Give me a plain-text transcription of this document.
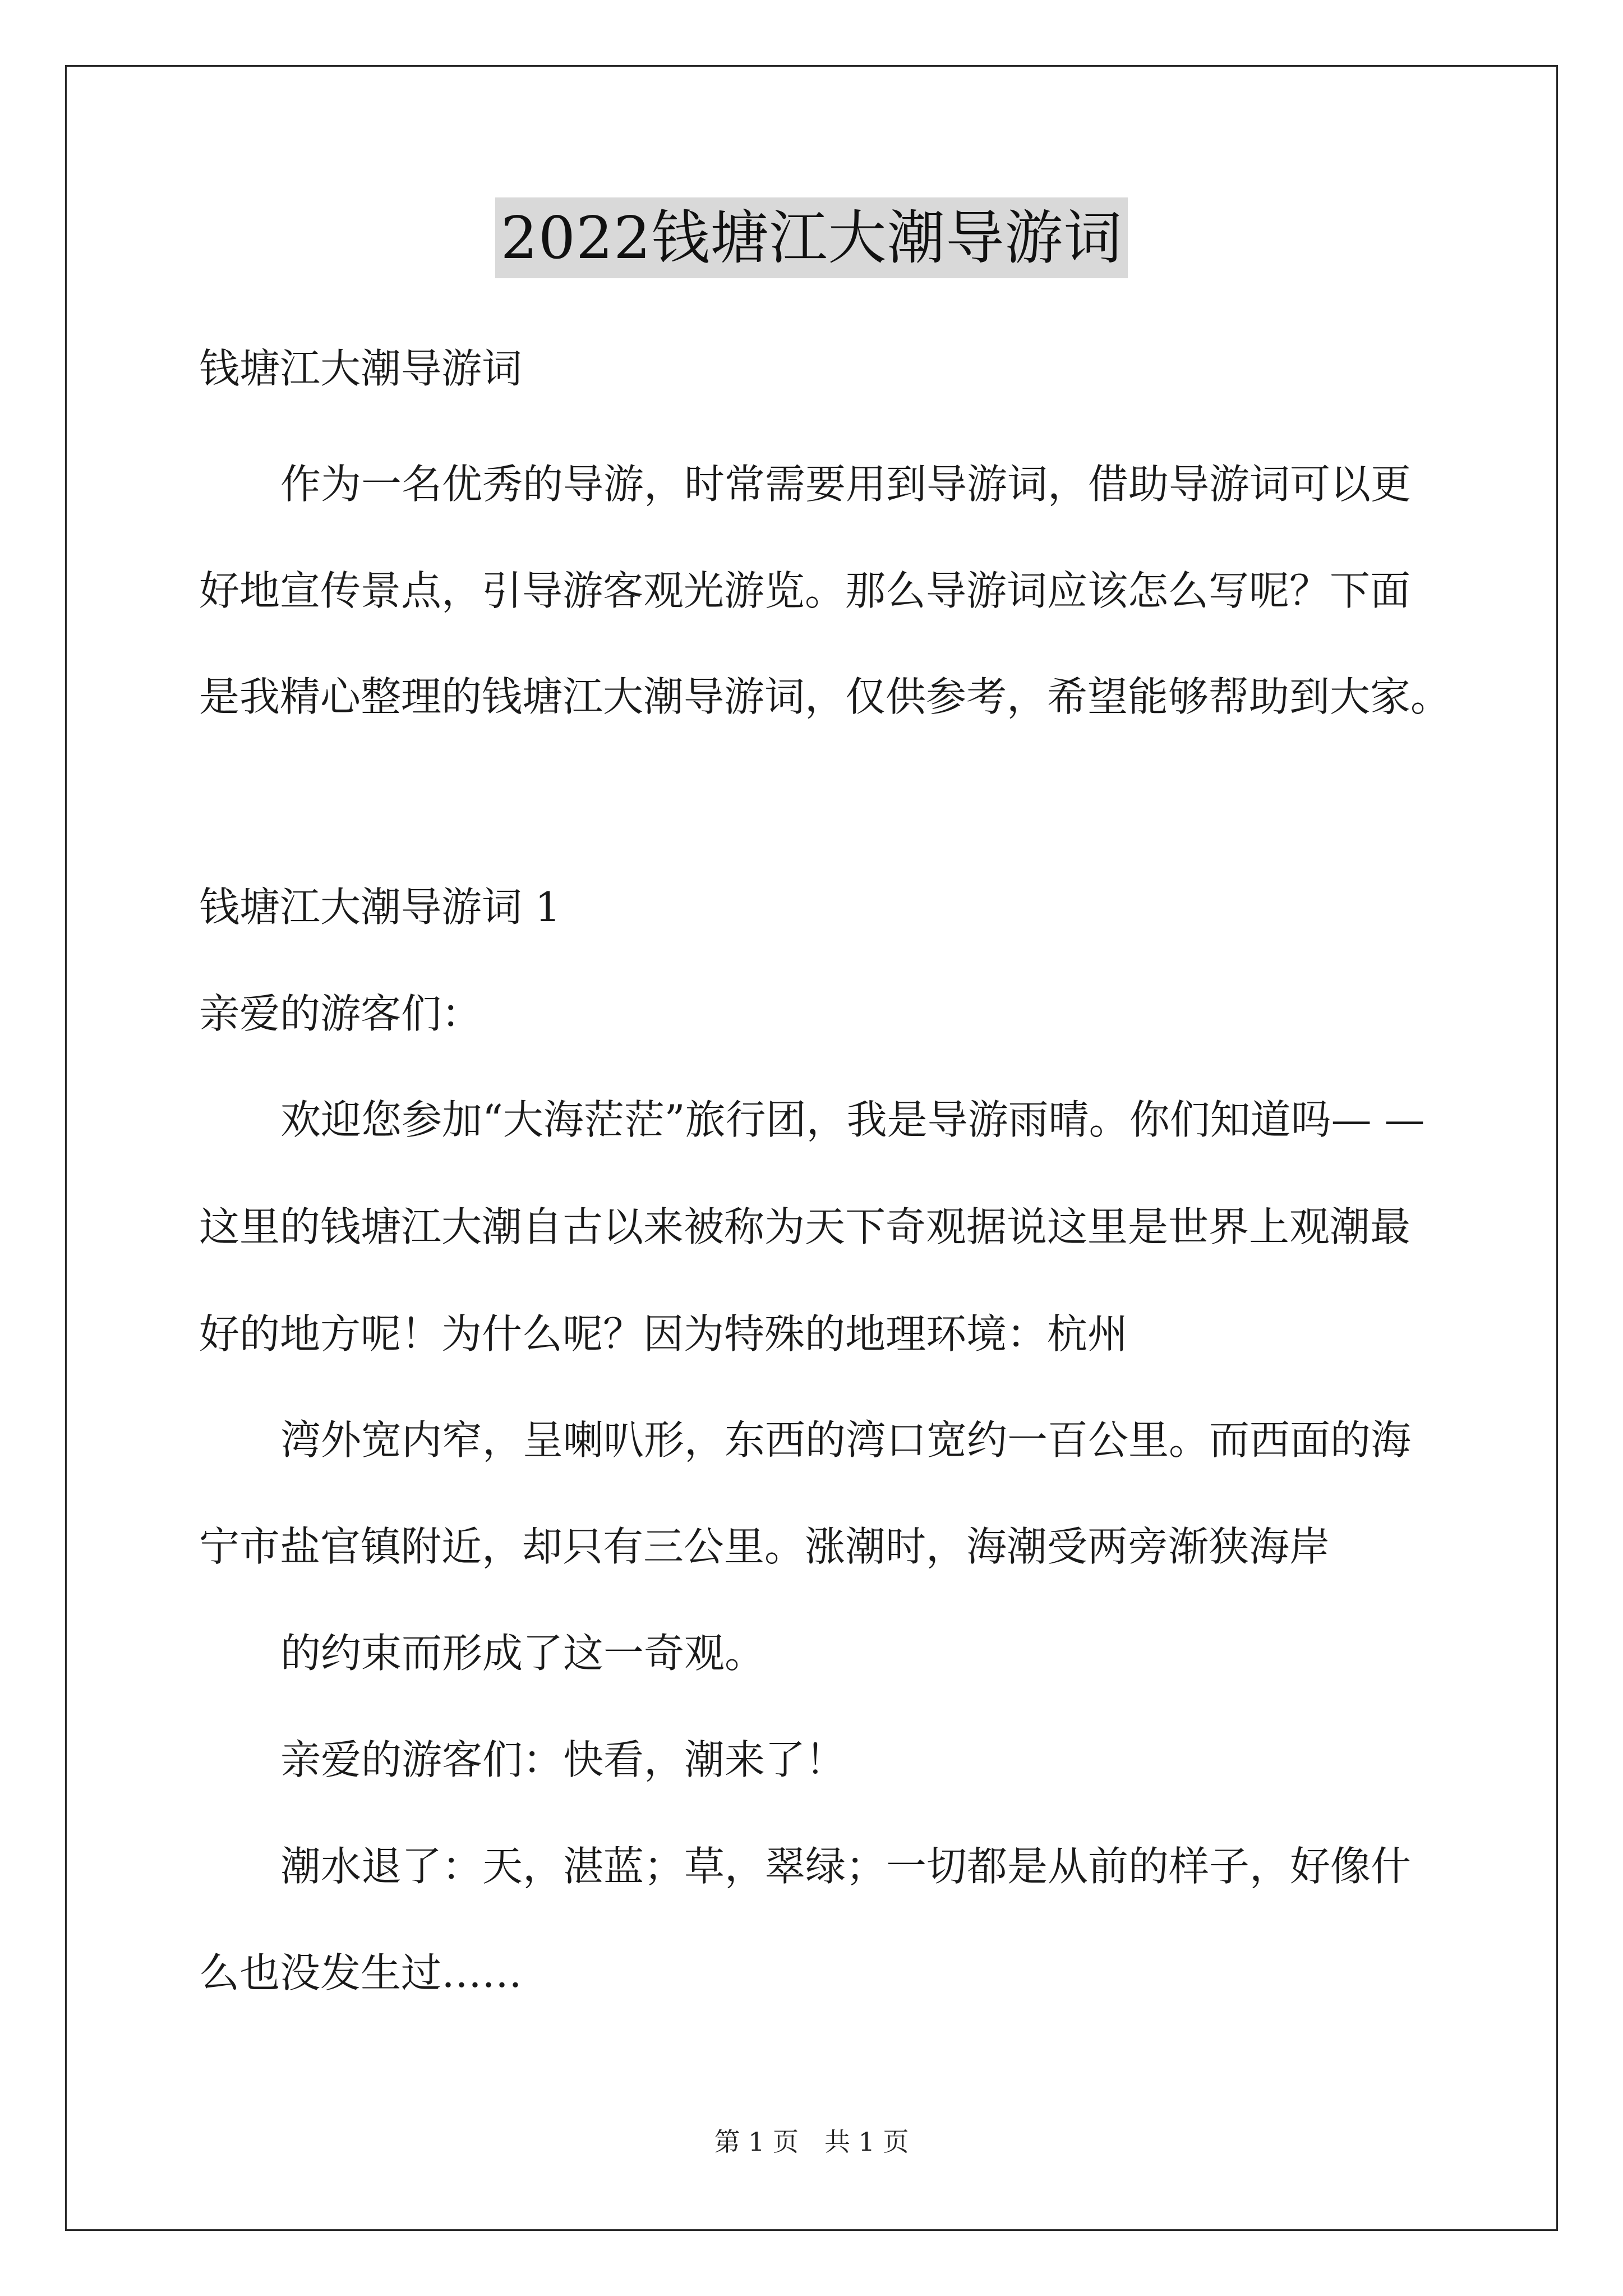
2022钱塘江大潮导游词
钱塘江大潮导游词
作为一名优秀的导游，时常需要用到导游词，借助导游词可以更
好地宣传景点，引导游客观光游览。那么导游词应该怎么写呢？下面
是我精心整理的钱塘江大潮导游词，仅供参考，希望能够帮助到大家。
钱塘江大潮导游词 1
亲爱的游客们：
欢迎您参加“大海茫茫”旅行团，我是导游雨晴。你们知道吗— —
这里的钱塘江大潮自古以来被称为天下奇观据说这里是世界上观潮最
好的地方呢！为什么呢？因为特殊的地理环境：杭州
湾外宽内窄，呈喇叭形，东西的湾口宽约一百公里。而西面的海
宁市盐官镇附近，却只有三公里。涨潮时，海潮受两旁渐狭海岸
的约束而形成了这一奇观。
亲爱的游客们：快看，潮来了！
潮水退了：天，湛蓝；草，翠绿；一切都是从前的样子，好像什
么也没发生过……
第 1 页　共 1 页
